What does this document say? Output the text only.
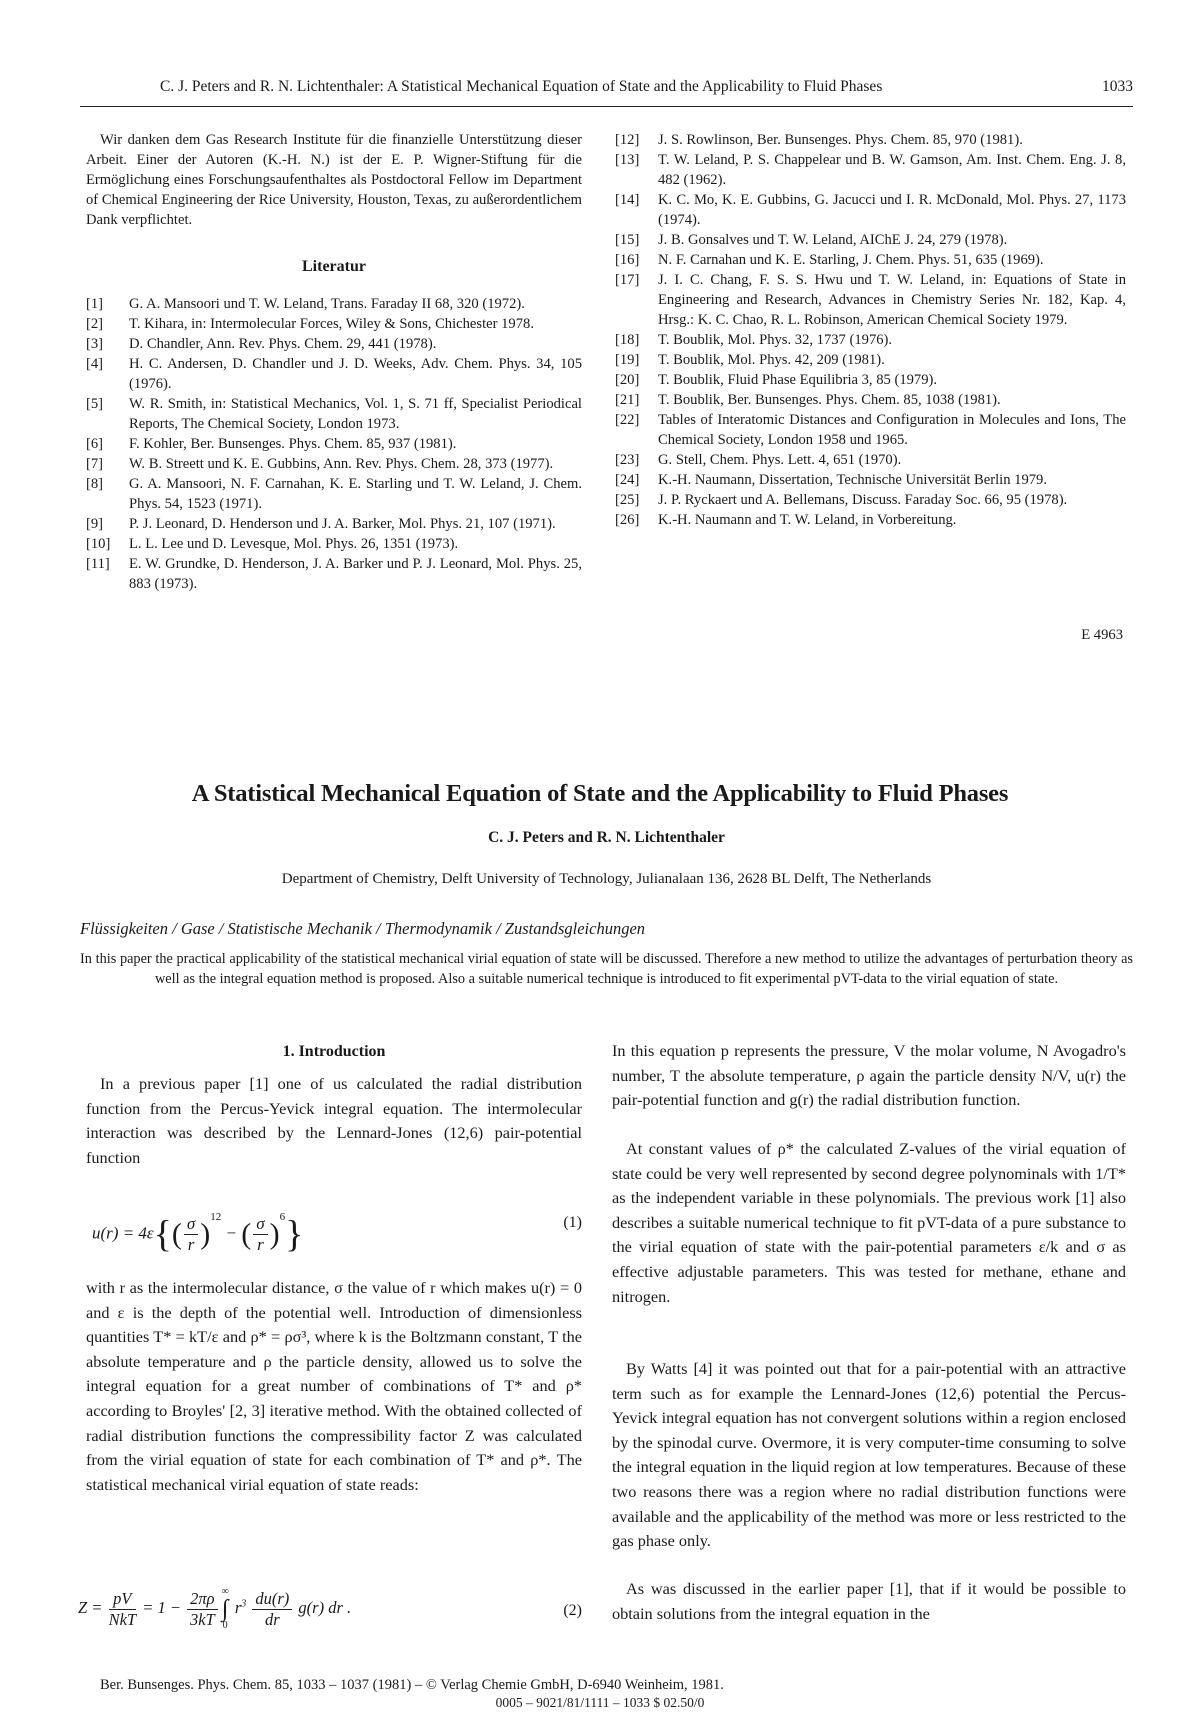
C. J. Peters and R. N. Lichtenthaler: A Statistical Mechanical Equation of State and the Applicability to Fluid Phases	1033
Wir danken dem Gas Research Institute für die finanzielle Unterstützung dieser Arbeit. Einer der Autoren (K.-H. N.) ist der E. P. Wigner-Stiftung für die Ermöglichung eines Forschungsaufenthaltes als Postdoctoral Fellow im Department of Chemical Engineering der Rice University, Houston, Texas, zu außerordentlichem Dank verpflichtet.
Literatur
[1] G. A. Mansoori und T. W. Leland, Trans. Faraday II 68, 320 (1972).
[2] T. Kihara, in: Intermolecular Forces, Wiley & Sons, Chichester 1978.
[3] D. Chandler, Ann. Rev. Phys. Chem. 29, 441 (1978).
[4] H. C. Andersen, D. Chandler und J. D. Weeks, Adv. Chem. Phys. 34, 105 (1976).
[5] W. R. Smith, in: Statistical Mechanics, Vol. 1, S. 71 ff, Specialist Periodical Reports, The Chemical Society, London 1973.
[6] F. Kohler, Ber. Bunsenges. Phys. Chem. 85, 937 (1981).
[7] W. B. Streett und K. E. Gubbins, Ann. Rev. Phys. Chem. 28, 373 (1977).
[8] G. A. Mansoori, N. F. Carnahan, K. E. Starling und T. W. Leland, J. Chem. Phys. 54, 1523 (1971).
[9] P. J. Leonard, D. Henderson und J. A. Barker, Mol. Phys. 21, 107 (1971).
[10] L. L. Lee und D. Levesque, Mol. Phys. 26, 1351 (1973).
[11] E. W. Grundke, D. Henderson, J. A. Barker und P. J. Leonard, Mol. Phys. 25, 883 (1973).
[12] J. S. Rowlinson, Ber. Bunsenges. Phys. Chem. 85, 970 (1981).
[13] T. W. Leland, P. S. Chappelear und B. W. Gamson, Am. Inst. Chem. Eng. J. 8, 482 (1962).
[14] K. C. Mo, K. E. Gubbins, G. Jacucci und I. R. McDonald, Mol. Phys. 27, 1173 (1974).
[15] J. B. Gonsalves und T. W. Leland, AIChE J. 24, 279 (1978).
[16] N. F. Carnahan und K. E. Starling, J. Chem. Phys. 51, 635 (1969).
[17] J. I. C. Chang, F. S. S. Hwu und T. W. Leland, in: Equations of State in Engineering and Research, Advances in Chemistry Series Nr. 182, Kap. 4, Hrsg.: K. C. Chao, R. L. Robinson, American Chemical Society 1979.
[18] T. Boublik, Mol. Phys. 32, 1737 (1976).
[19] T. Boublik, Mol. Phys. 42, 209 (1981).
[20] T. Boublik, Fluid Phase Equilibria 3, 85 (1979).
[21] T. Boublik, Ber. Bunsenges. Phys. Chem. 85, 1038 (1981).
[22] Tables of Interatomic Distances and Configuration in Molecules and Ions, The Chemical Society, London 1958 und 1965.
[23] G. Stell, Chem. Phys. Lett. 4, 651 (1970).
[24] K.-H. Naumann, Dissertation, Technische Universität Berlin 1979.
[25] J. P. Ryckaert und A. Bellemans, Discuss. Faraday Soc. 66, 95 (1978).
[26] K.-H. Naumann and T. W. Leland, in Vorbereitung.
E 4963
A Statistical Mechanical Equation of State and the Applicability to Fluid Phases
C. J. Peters and R. N. Lichtenthaler
Department of Chemistry, Delft University of Technology, Julianalaan 136, 2628 BL Delft, The Netherlands
Flüssigkeiten / Gase / Statistische Mechanik / Thermodynamik / Zustandsgleichungen
In this paper the practical applicability of the statistical mechanical virial equation of state will be discussed. Therefore a new method to utilize the advantages of perturbation theory as well as the integral equation method is proposed. Also a suitable numerical technique is introduced to fit experimental pVT-data to the virial equation of state.
1. Introduction
In a previous paper [1] one of us calculated the radial distribution function from the Percus-Yevick integral equation. The intermolecular interaction was described by the Lennard-Jones (12,6) pair-potential function
$u(r) = 4\varepsilon\{( \frac{\sigma}{r} )^{12}$ − ( $\frac{\sigma}{r} )^6$}	(1)
with r as the intermolecular distance, σ the value of r which makes u(r) = 0 and ε is the depth of the potential well. Introduction of dimensionless quantities T* = kT/ε and ρ* = ρσ³, where k is the Boltzmann constant, T the absolute temperature and ρ the particle density, allowed us to solve the integral equation for a great number of combinations of T* and ρ* according to Broyles' [2, 3] iterative method. With the obtained collected of radial distribution functions the compressibility factor Z was calculated from the virial equation of state for each combination of T* and ρ*. The statistical mechanical virial equation of state reads:
$Z = \frac{pV}{\text{NkT}} = 1 - \frac{2\pi\rho}{3kT}$ ∞
∫
0 $r^3 \frac{du(r)}{dr} g(r)$ dr .	(2)
In this equation p represents the pressure, V the molar volume, N Avogadro's number, T the absolute temperature, ρ again the particle density N/V, u(r) the pair-potential function and g(r) the radial distribution function.
At constant values of ρ* the calculated Z-values of the virial equation of state could be very well represented by second degree polynominals with 1/T* as the independent variable in these polynomials. The previous work [1] also describes a suitable numerical technique to fit pVT-data of a pure substance to the virial equation of state with the pair-potential parameters ε/k and σ as effective adjustable parameters. This was tested for methane, ethane and nitrogen.
By Watts [4] it was pointed out that for a pair-potential with an attractive term such as for example the Lennard-Jones (12,6) potential the Percus-Yevick integral equation has not convergent solutions within a region enclosed by the spinodal curve. Overmore, it is very computer-time consuming to solve the integral equation in the liquid region at low temperatures. Because of these two reasons there was a region where no radial distribution functions were available and the applicability of the method was more or less restricted to the gas phase only.
As was discussed in the earlier paper [1], that if it would be possible to obtain solutions from the integral equation in the
Ber. Bunsenges. Phys. Chem. 85, 1033 – 1037 (1981) – © Verlag Chemie GmbH, D-6940 Weinheim, 1981.
0005 – 9021/81/1111 – 1033 $ 02.50/0
